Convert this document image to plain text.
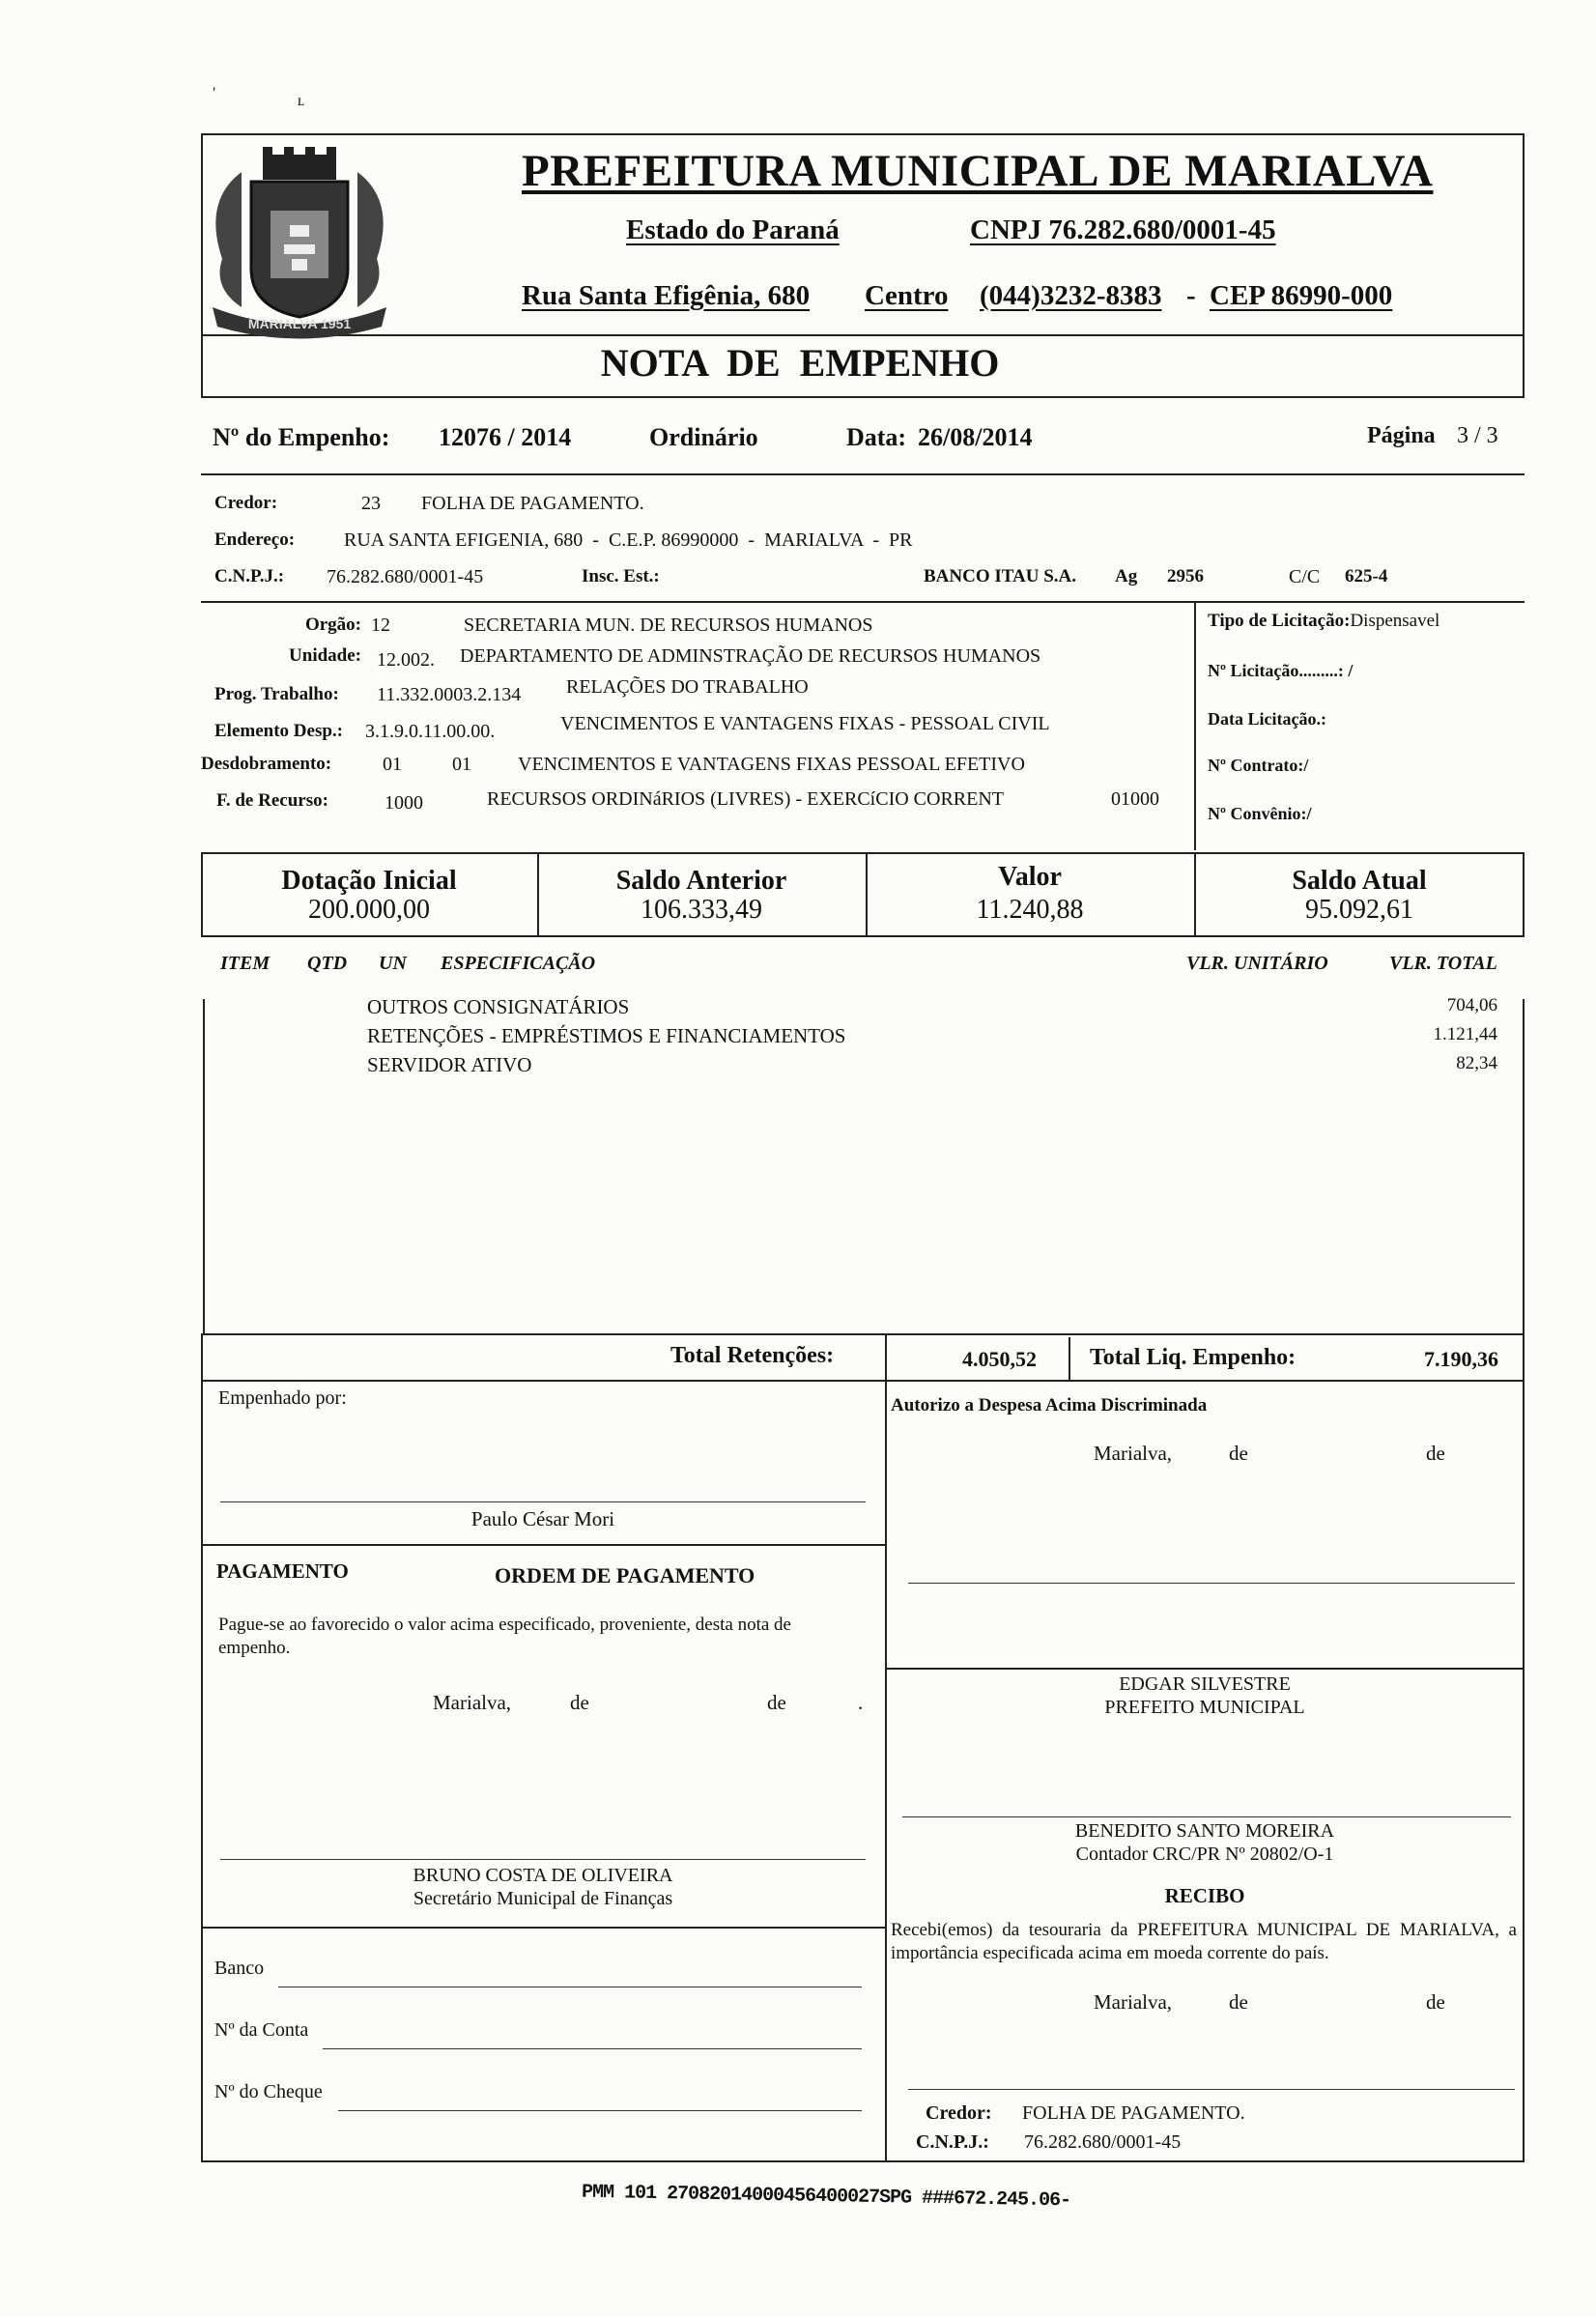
′	ʟ
MARIALVA 1951
PREFEITURA MUNICIPAL DE MARIALVA
Estado do Paraná	CNPJ 76.282.680/0001-45
Rua Santa Efigênia, 680 Centro (044)3232-8383 - CEP 86990-000
NOTA  DE  EMPENHO
Nº do Empenho: 12076 / 2014	Ordinário	Data: 26/08/2014	Página 3 / 3
Credor:	23 FOLHA DE PAGAMENTO.
Endereço:	RUA SANTA EFIGENIA, 680  -  C.E.P. 86990000  -  MARIALVA  -  PR
C.N.P.J.: 76.282.680/0001-45	Insc. Est.:	BANCO ITAU S.A. Ag 2956	C/C 625-4
Orgão: 12	SECRETARIA MUN. DE RECURSOS HUMANOS
Unidade: 12.002. DEPARTAMENTO DE ADMINSTRAÇÃO DE RECURSOS HUMANOS
Prog. Trabalho: 11.332.0003.2.134 RELAÇÕES DO TRABALHO
Elemento Desp.: 3.1.9.0.11.00.00.	VENCIMENTOS E VANTAGENS FIXAS - PESSOAL CIVIL
Desdobramento:	01	01 VENCIMENTOS E VANTAGENS FIXAS PESSOAL EFETIVO
F. de Recurso:	1000	RECURSOS ORDINáRIOS (LIVRES) - EXERCíCIO CORRENT	01000
Tipo de Licitação:Dispensavel
Nº Licitação.........: /
Data Licitação.:
Nº Contrato:/
Nº Convênio:/
Dotação Inicial
200.000,00
Saldo Anterior
106.333,49
Valor
11.240,88
Saldo Atual
95.092,61
ITEM QTD UN ESPECIFICAÇÃO	VLR. UNITÁRIO	VLR. TOTAL
OUTROS CONSIGNATÁRIOS	704,06
RETENÇÕES - EMPRÉSTIMOS E FINANCIAMENTOS	1.121,44
SERVIDOR ATIVO	82,34
Total Retenções:	4.050,52 Total Liq. Empenho:	7.190,36
Empenhado por:
Paulo César Mori
PAGAMENTO	ORDEM DE PAGAMENTO
Pague-se ao favorecido o valor acima especificado, proveniente, desta nota de empenho.
Marialva,	de	de	.
BRUNO COSTA DE OLIVEIRA
Secretário Municipal de Finanças
Banco
Nº da Conta
Nº do Cheque
Autorizo a Despesa Acima Discriminada
Marialva,	de	de
EDGAR SILVESTRE
PREFEITO MUNICIPAL
BENEDITO SANTO MOREIRA
Contador CRC/PR Nº 20802/O-1
RECIBO
Recebi(emos) da tesouraria da PREFEITURA MUNICIPAL DE MARIALVA, a importância especificada acima em moeda corrente do país.
Marialva,	de	de
Credor: FOLHA DE PAGAMENTO.
C.N.P.J.: 76.282.680/0001-45
PMM 101 27082014000456400027SPG ###672.245.06-
